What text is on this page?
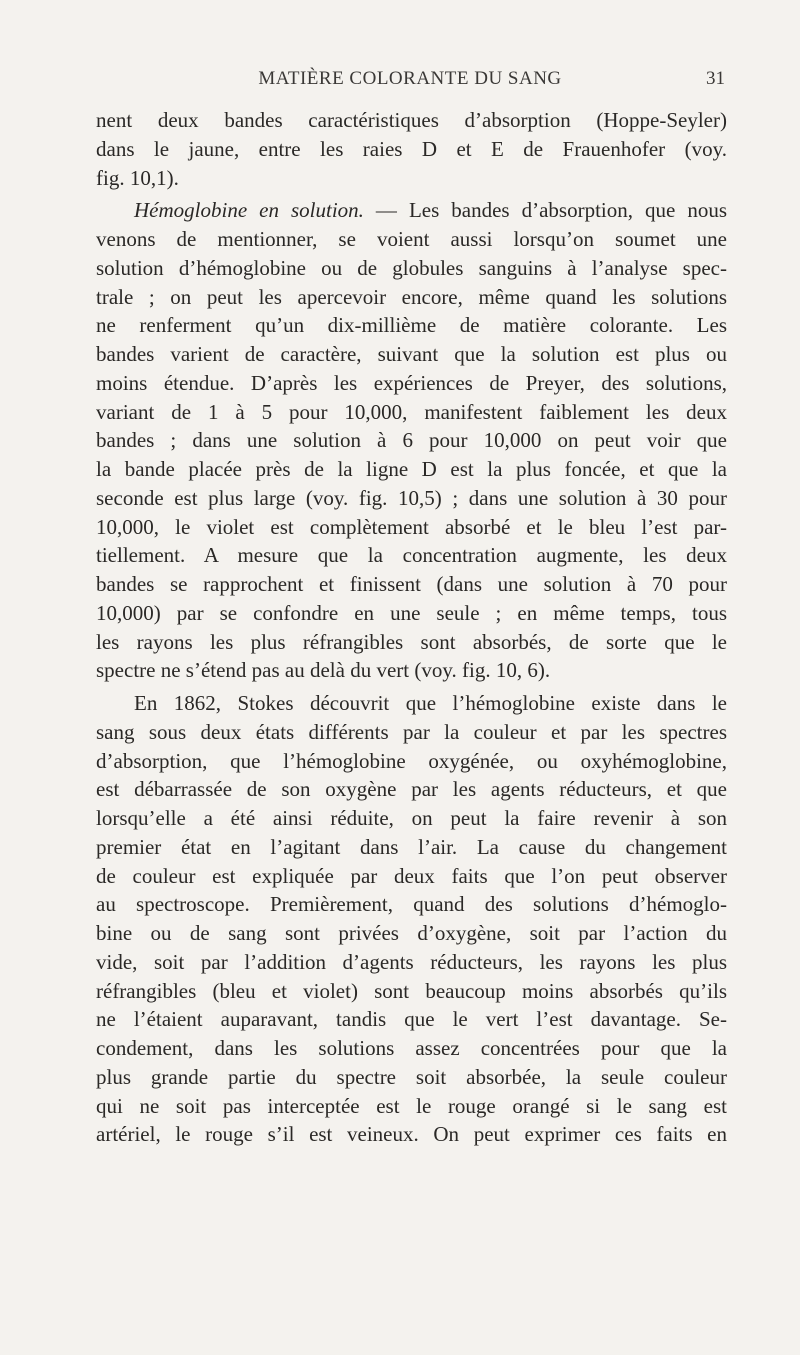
MATIÈRE COLORANTE DU SANG	31
nent deux bandes caractéristiques d’absorption (Hoppe-Seyler)
dans le jaune, entre les raies D et E de Frauenhofer (voy.
fig. 10,1).
Hémoglobine en solution. — Les bandes d’absorption, que nous
venons de mentionner, se voient aussi lorsqu’on soumet une
solution d’hémoglobine ou de globules sanguins à l’analyse spec-
trale ; on peut les apercevoir encore, même quand les solutions
ne renferment qu’un dix-millième de matière colorante. Les
bandes varient de caractère, suivant que la solution est plus ou
moins étendue. D’après les expériences de Preyer, des solutions,
variant de 1 à 5 pour 10,000, manifestent faiblement les deux
bandes ; dans une solution à 6 pour 10,000 on peut voir que
la bande placée près de la ligne D est la plus foncée, et que la
seconde est plus large (voy. fig. 10,5) ; dans une solution à 30 pour
10,000, le violet est complètement absorbé et le bleu l’est par-
tiellement. A mesure que la concentration augmente, les deux
bandes se rapprochent et finissent (dans une solution à 70 pour
10,000) par se confondre en une seule ; en même temps, tous
les rayons les plus réfrangibles sont absorbés, de sorte que le
spectre ne s’étend pas au delà du vert (voy. fig. 10, 6).
En 1862, Stokes découvrit que l’hémoglobine existe dans le
sang sous deux états différents par la couleur et par les spectres
d’absorption, que l’hémoglobine oxygénée, ou oxyhémoglobine,
est débarrassée de son oxygène par les agents réducteurs, et que
lorsqu’elle a été ainsi réduite, on peut la faire revenir à son
premier état en l’agitant dans l’air. La cause du changement
de couleur est expliquée par deux faits que l’on peut observer
au spectroscope. Premièrement, quand des solutions d’hémoglo-
bine ou de sang sont privées d’oxygène, soit par l’action du
vide, soit par l’addition d’agents réducteurs, les rayons les plus
réfrangibles (bleu et violet) sont beaucoup moins absorbés qu’ils
ne l’étaient auparavant, tandis que le vert l’est davantage. Se-
condement, dans les solutions assez concentrées pour que la
plus grande partie du spectre soit absorbée, la seule couleur
qui ne soit pas interceptée est le rouge orangé si le sang est
artériel, le rouge s’il est veineux. On peut exprimer ces faits en
